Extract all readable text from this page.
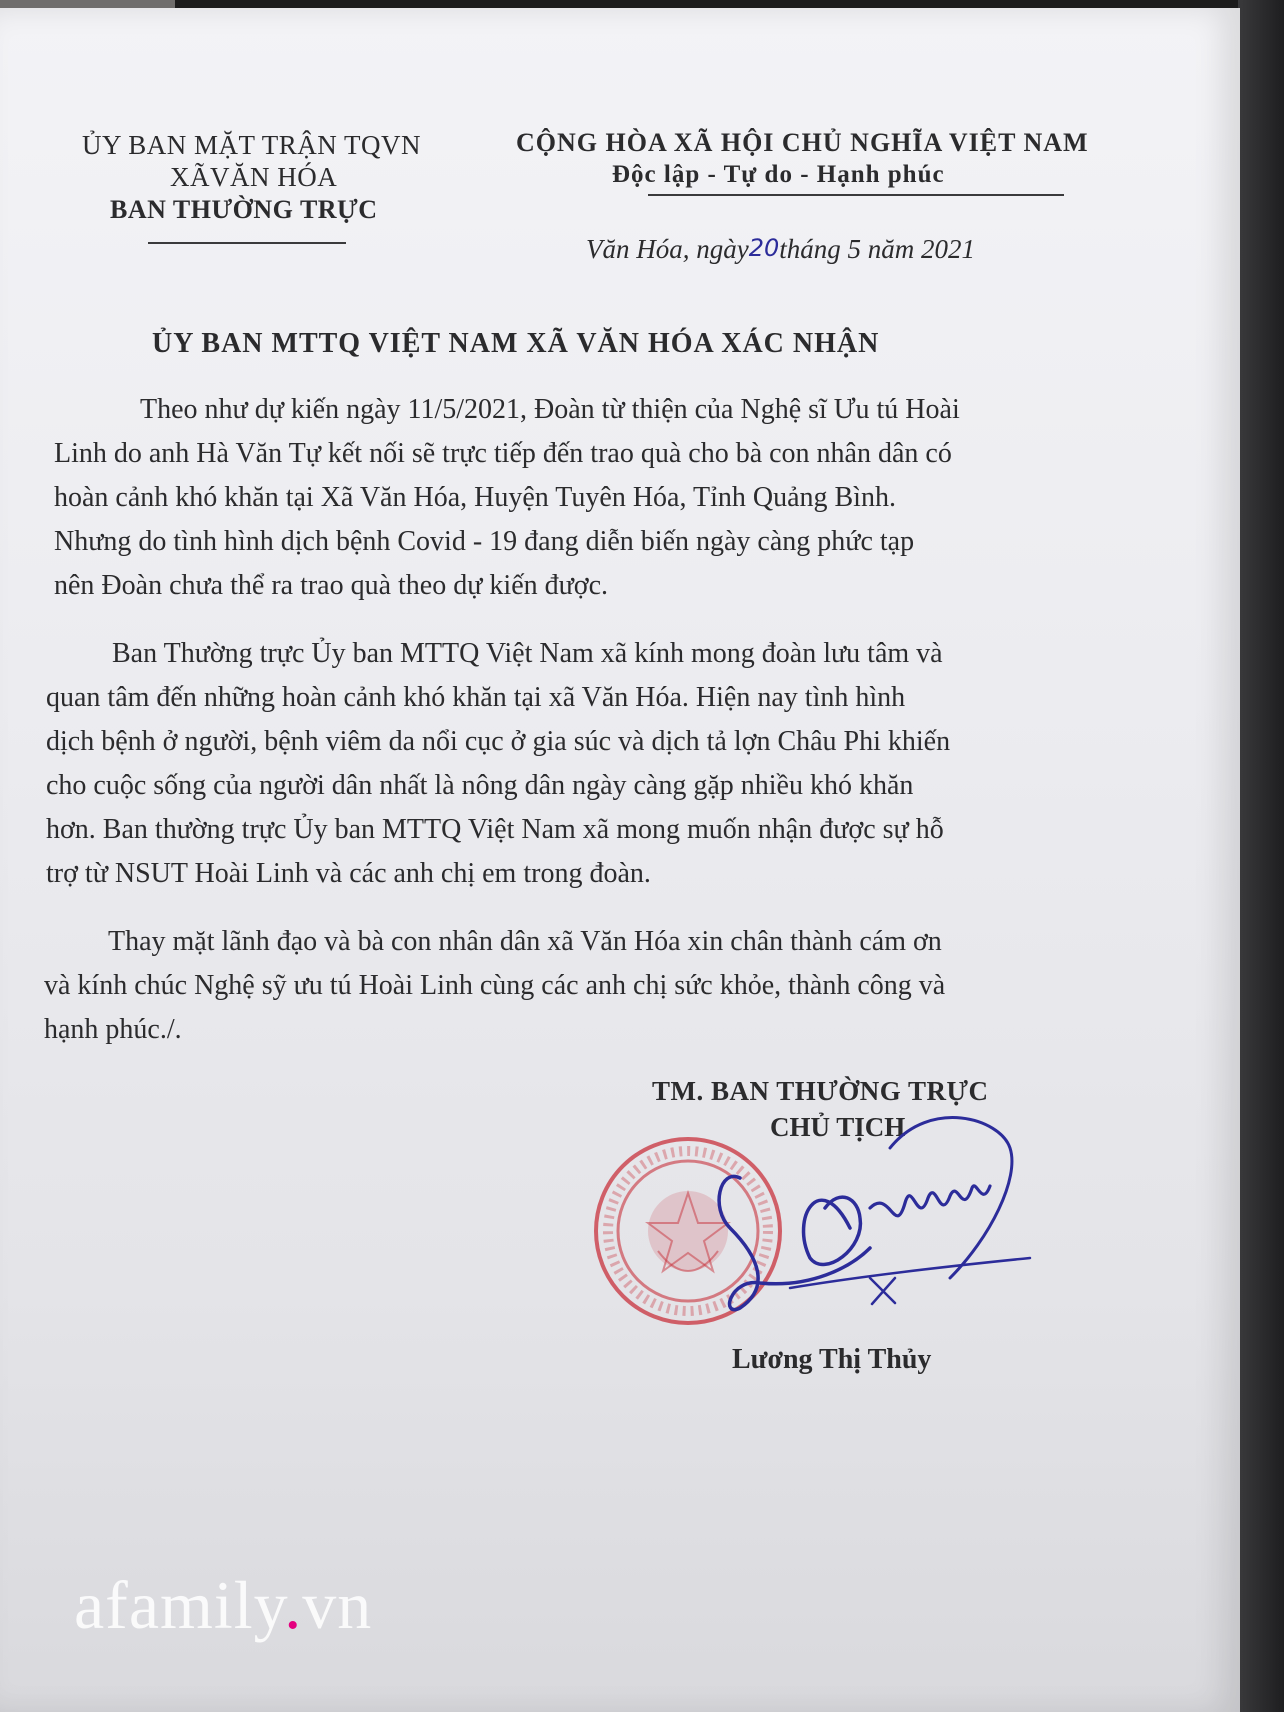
ỦY BAN MẶT TRẬN TQVN
XÃVĂN HÓA
BAN THƯỜNG TRỰC
CỘNG HÒA XÃ HỘI CHỦ NGHĨA VIỆT NAM
Độc lập - Tự do - Hạnh phúc
Văn Hóa, ngày20tháng 5 năm 2021
ỦY BAN MTTQ VIỆT NAM XÃ VĂN HÓA XÁC NHẬN
Theo như dự kiến ngày 11/5/2021, Đoàn từ thiện của Nghệ sĩ Ưu tú Hoài
Linh do anh Hà Văn Tự kết nối sẽ trực tiếp đến trao quà cho bà con nhân dân có
hoàn cảnh khó khăn tại Xã Văn Hóa, Huyện Tuyên Hóa, Tỉnh Quảng Bình.
Nhưng do tình hình dịch bệnh Covid - 19 đang diễn biến ngày càng phức tạp
nên Đoàn chưa thể ra trao quà theo dự kiến được.
Ban Thường trực Ủy ban MTTQ Việt Nam xã kính mong đoàn lưu tâm và
quan tâm đến những hoàn cảnh khó khăn tại xã Văn Hóa. Hiện nay tình hình
dịch bệnh ở người, bệnh viêm da nổi cục ở gia súc và dịch tả lợn Châu Phi khiến
cho cuộc sống của người dân nhất là nông dân ngày càng gặp nhiều khó khăn
hơn. Ban thường trực Ủy ban MTTQ Việt Nam xã mong muốn nhận được sự hỗ
trợ từ NSUT Hoài Linh và các anh chị em trong đoàn.
Thay mặt lãnh đạo và bà con nhân dân xã Văn Hóa xin chân thành cám ơn
và kính chúc Nghệ sỹ ưu tú Hoài Linh cùng các anh chị sức khỏe, thành công và
hạnh phúc./.
TM. BAN THƯỜNG TRỰC
CHỦ TỊCH
Lương Thị Thủy
afamily.vn
